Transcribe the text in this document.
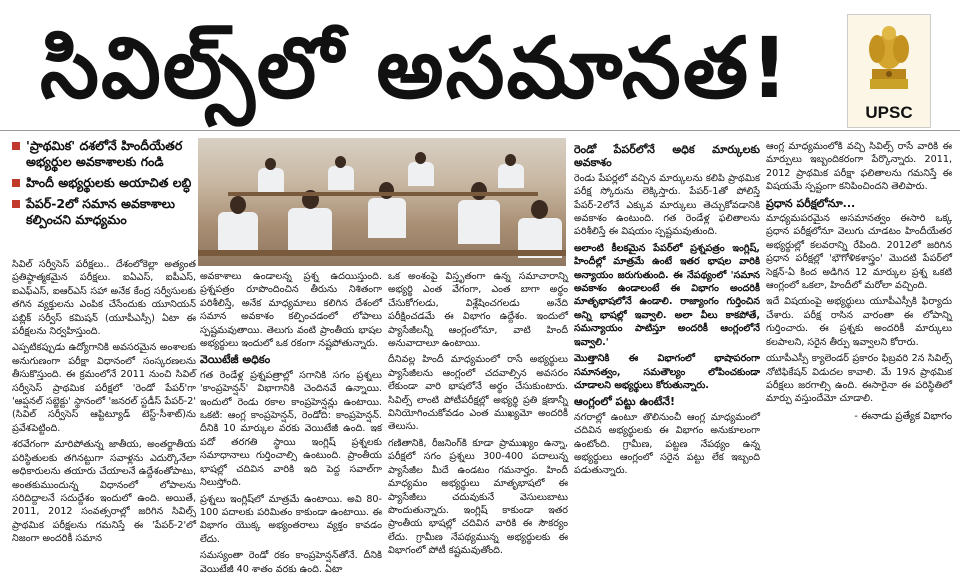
సివిల్స్‌లో అసమానత!	UPSC
'ప్రాథమిక' దశలోనే హిందీయేతర అభ్యర్థుల అవకాశాలకు గండి
హిందీ అభ్యర్థులకు అయాచిత లబ్ధి
పేపర్-2లో సమాన అవకాశాలు కల్పించని మాధ్యమం

సివిల్ సర్వీసెస్ పరీక్షలు.. దేశంలోకెల్లా అత్యంత ప్రతిష్ఠాత్మకమైన పరీక్షలు. ఐఏఎస్, ఐపీఎస్, ఐఎఫ్‌ఎస్, ఐఆర్‌ఎస్ సహా అనేక కేంద్ర సర్వీసులకు తగిన వ్యక్తులను ఎంపిక చేసేందుకు యూనియన్ పబ్లిక్ సర్వీస్ కమిషన్ (యూపీఎస్సీ) ఏటా ఈ పరీక్షలను నిర్వహిస్తుంది.

ఎప్పటికప్పుడు ఉద్యోగానికి అవసరమైన అంశాలకు అనుగుణంగా పరీక్షా విధానంలో సంస్కరణలను తీసుకొస్తుంది. ఈ క్రమంలోనే 2011 నుంచి సివిల్ సర్వీసెస్ ప్రాథమిక పరీక్షలో 'రెండో పేపర్‌'గా 'ఆప్షనల్ సబ్జెక్టు' స్థానంలో 'జనరల్ స్టడీస్ పేపర్-2' (సివిల్ సర్వీసెస్ ఆప్టిట్యూడ్ టెస్ట్-సీశాట్)ను ప్రవేశపెట్టింది.

శరవేగంగా మారిపోతున్న జాతీయ, అంతర్జాతీయ పరిస్థితులకు తగినట్టుగా సవాళ్లను ఎదుర్కొనేలా అధికారులను తయారు చేయాలనే ఉద్దేశంతోపాటు, అంతకుముందున్న విధానంలో లోపాలను సరిదిద్దాలనే సదుద్దేశం ఇందులో ఉంది. అయితే, 2011, 2012 సంవత్సరాల్లో జరిగిన సివిల్స్ ప్రాథమిక పరీక్షలను గమనిస్తే ఈ 'పేపర్-2'లో నిజంగా అందరికీ సమాన

అవకాశాలు ఉండాలన్న ప్రశ్న ఉదయిస్తుంది. ప్రశ్నపత్రం రూపొందించిన తీరును నిశితంగా పరిశీలిస్తే, అనేక మాధ్యమాలు కలిగిన దేశంలో సమాన అవకాశం కల్పించడంలో లోపాలు స్పష్టమవుతాయి. తెలుగు వంటి ప్రాంతీయ భాషల అభ్యర్థులు ఇందులో ఒక రకంగా నష్టపోతున్నారు.

వెయిటేజీ అధికం

గత రెండేళ్ల ప్రశ్నపత్రాల్లో సగానికి సగం ప్రశ్నలు 'కాంప్రహెన్షన్' విభాగానికి చెందినవే ఉన్నాయి. ఇందులో రెండు రకాల కాంప్రహెన్షన్లు ఉంటాయి. ఒకటి: ఆంగ్ల కాంప్రహెన్షన్, రెండోది: కాంప్రహెన్షన్. దీనికి 10 మార్కుల వరకు వెయిటేజీ ఉంది. ఇక పదో తరగతి స్థాయి ఇంగ్లిష్ ప్రశ్నలకు సమాధానాలు గుర్తించాల్సి ఉంటుంది. ప్రాంతీయ భాషల్లో చదివిన వారికి ఇది పెద్ద సవాల్‌గా నిలుస్తోంది.

ప్రశ్నలు ఇంగ్లిష్‌లో మాత్రమే ఉంటాయి. అవి 80-100 పదాలకు పరిమితం కాకుండా ఉంటాయి. ఈ విభాగం యొక్క అభ్యంతరాలు వ్యక్తం కావడం లేదు.

సమస్యంతా రెండో రకం కాంప్రహెన్షన్‌తోనే. దీనికి వెయిటేజీ 40 శాతం వరకు ఉంది. ఏటా

ఒక అంశంపై విస్తృతంగా ఉన్న సమాచారాన్ని అభ్యర్థి ఎంత వేగంగా, ఎంత బాగా అర్థం చేసుకోగలడు, విశ్లేషించగలడు అనేది పరీక్షించడమే ఈ విభాగం ఉద్దేశం. ఇందులో ప్యాసేజీలన్నీ ఆంగ్లంలోనూ, వాటి హిందీ అనువాదాలూ ఉంటాయి.

దీనివల్ల హిందీ మాధ్యమంలో రాసే అభ్యర్థులు ప్యాసేజీలను ఆంగ్లంలో చదవాల్సిన అవసరం లేకుండా వారి భాషలోనే అర్థం చేసుకుంటారు. సివిల్స్ లాంటి పోటీపరీక్షల్లో అభ్యర్థి ప్రతి క్షణాన్నీ వినియోగించుకోవడం ఎంత ముఖ్యమో అందరికీ తెలుసు.

గణితానికి, రీజనింగ్‌కి కూడా ప్రాముఖ్యం ఉన్నా, పరీక్షలో సగం ప్రశ్నలు 300-400 పదాలున్న ప్యాసేజీల మీదే ఉండటం గమనార్హం. హిందీ మాధ్యమం అభ్యర్థులు మాతృభాషలో ఈ ప్యాసేజీలు చదువుకునే వెసులుబాటు పొందుతున్నారు. ఇంగ్లిష్‌ కాకుండా ఇతర ప్రాంతీయ భాషల్లో చదివిన వారికి ఈ సౌకర్యం లేదు. గ్రామీణ నేపథ్యమున్న అభ్యర్థులకు ఈ విభాగంలో పోటీ కష్టమవుతోంది.

రెండో పేపర్‌లోనే అధిక మార్కులకు అవకాశం

రెండు పేపర్లలో వచ్చిన మార్కులను కలిపి ప్రాథమిక పరీక్ష స్కోరును లెక్కిస్తారు. పేపర్-1తో పోలిస్తే పేపర్-2లోనే ఎక్కువ మార్కులు తెచ్చుకోవడానికి అవకాశం ఉంటుంది. గత రెండేళ్ల ఫలితాలను పరిశీలిస్తే ఈ విషయం స్పష్టమవుతుంది.

అలాంటి కీలకమైన పేపర్‌లో ప్రశ్నపత్రం ఇంగ్లిష్, హిందీల్లో మాత్రమే ఉంటే ఇతర భాషల వారికి అన్యాయం జరుగుతుంది. ఈ నేపథ్యంలో 'సమాన అవకాశం ఉండాలంటే ఈ విభాగం అందరికీ మాతృభాషలోనే ఉండాలి. రాజ్యాంగం గుర్తించిన అన్ని భాషల్లో ఇవ్వాలి. అలా వీలు కాకపోతే, సమన్యాయం పాటిస్తూ అందరికీ ఆంగ్లంలోనే ఇవ్వాలి.'

మొత్తానికి ఈ విభాగంలో భాషాపరంగా సమానత్వం, సమతౌల్యం లోపించకుండా చూడాలని అభ్యర్థులు కోరుతున్నారు.

ఆంగ్లంలో పట్టు ఉంటేనే!

నగరాల్లో ఉంటూ తొలినుంచీ ఆంగ్ల మాధ్యమంలో చదివిన అభ్యర్థులకు ఈ విభాగం అనుకూలంగా ఉంటోంది. గ్రామీణ, పట్టణ నేపథ్యం ఉన్న అభ్యర్థులు ఆంగ్లంలో సరైన పట్టు లేక ఇబ్బంది పడుతున్నారు.

ఆంగ్ల మాధ్యమంలోకి వచ్చి సివిల్స్ రాసే వారికి ఈ మార్పులు ఇబ్బందికరంగా పేర్కొన్నారు. 2011, 2012 ప్రాథమిక పరీక్షా ఫలితాలను గమనిస్తే ఈ విషయమే స్పష్టంగా కనిపించిందని తెలిపారు.

ప్రధాన పరీక్షలోనూ...

మాధ్యమపరమైన అసమానత్వం ఈసారి ఒక్క ప్రధాన పరీక్షలోనూ వెలుగు చూడటం హిందీయేతర అభ్యర్థుల్లో కలవరాన్ని రేపింది. 2012లో జరిగిన ప్రధాన పరీక్షల్లో 'భౌగోళికశాస్త్రం' మొదటి పేపర్‌లో సెక్షన్-ఏ కింద అడిగిన 12 మార్కుల ప్రశ్న ఒకటి ఆంగ్లంలో ఒకలా, హిందీలో మరోలా వచ్చింది.

ఇదే విషయంపై అభ్యర్థులు యూపీఎస్సీకి ఫిర్యాదు చేశారు. పరీక్ష రాసిన వారంతా ఈ లోపాన్ని గుర్తించారు. ఈ ప్రశ్నకు అందరికీ మార్కులు కలపాలని, సరైన తీర్పు ఇవ్వాలని కోరారు.

యూపీఎస్సీ క్యాలెండర్ ప్రకారం ఫిబ్రవరి 2న సివిల్స్ నోటిఫికేషన్ విడుదల కావాలి. మే 19న ప్రాథమిక పరీక్షలు జరగాల్సి ఉంది. ఈసారైనా ఈ పరిస్థితిలో మార్పు వస్తుందేమో చూడాలి.

- ఈనాడు ప్రత్యేక విభాగం
